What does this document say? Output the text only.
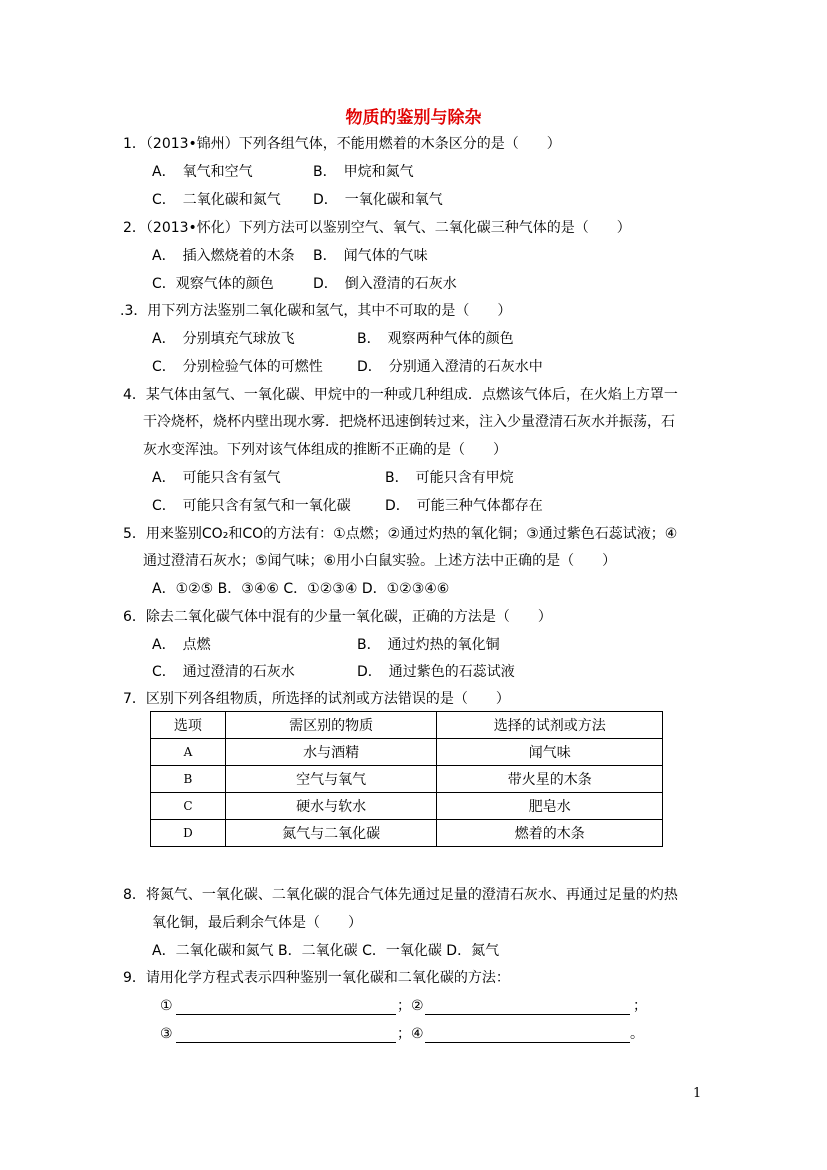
物质的鉴别与除杂
1．（2013•锦州）下列各组气体，不能用燃着的木条区分的是（　　）
A．　氧气和空气	B．　甲烷和氮气
C．　二氧化碳和氮气 D．　一氧化碳和氧气
2．（2013•怀化）下列方法可以鉴别空气、氧气、二氧化碳三种气体的是（　　）
A．　插入燃烧着的木条 B．　闻气体的气味
C．观察气体的颜色	D．　倒入澄清的石灰水
.3．用下列方法鉴别二氧化碳和氢气，其中不可取的是（　　）
A．　分别填充气球放飞	B．　观察两种气体的颜色
C．　分别检验气体的可燃性 D．　分别通入澄清的石灰水中
4．某气体由氢气、一氧化碳、甲烷中的一种或几种组成．点燃该气体后，在火焰上方罩一
干冷烧杯，烧杯内壁出现水雾．把烧杯迅速倒转过来，注入少量澄清石灰水并振荡，石
灰水变浑浊。下列对该气体组成的推断不正确的是（　　）
A．　可能只含有氢气	B．　可能只含有甲烷
C．　可能只含有氢气和一氧化碳 D．　可能三种气体都存在
5．用来鉴别CO₂和CO的方法有：①点燃；②通过灼热的氧化铜；③通过紫色石蕊试液；④
通过澄清石灰水；⑤闻气味；⑥用小白鼠实验。上述方法中正确的是（　　）
A．①②⑤ B．③④⑥ C．①②③④ D．①②③④⑥
6．除去二氧化碳气体中混有的少量一氧化碳，正确的方法是（　　）
A．　点燃	B．　通过灼热的氧化铜
C．　通过澄清的石灰水	D．　通过紫色的石蕊试液
7．区别下列各组物质，所选择的试剂或方法错误的是（　　）
选项	需区别的物质	选择的试剂或方法
A	水与酒精	闻气味
B	空气与氧气	带火星的木条
C	硬水与软水	肥皂水
D	氮气与二氧化碳	燃着的木条
8．将氮气、一氧化碳、二氧化碳的混合气体先通过足量的澄清石灰水、再通过足量的灼热
氧化铜，最后剩余气体是（　　）
A．二氧化碳和氮气 B．二氧化碳 C．一氧化碳 D．氮气
9．请用化学方程式表示四种鉴别一氧化碳和二氧化碳的方法：
①	；②	；
③	；④	。
1
